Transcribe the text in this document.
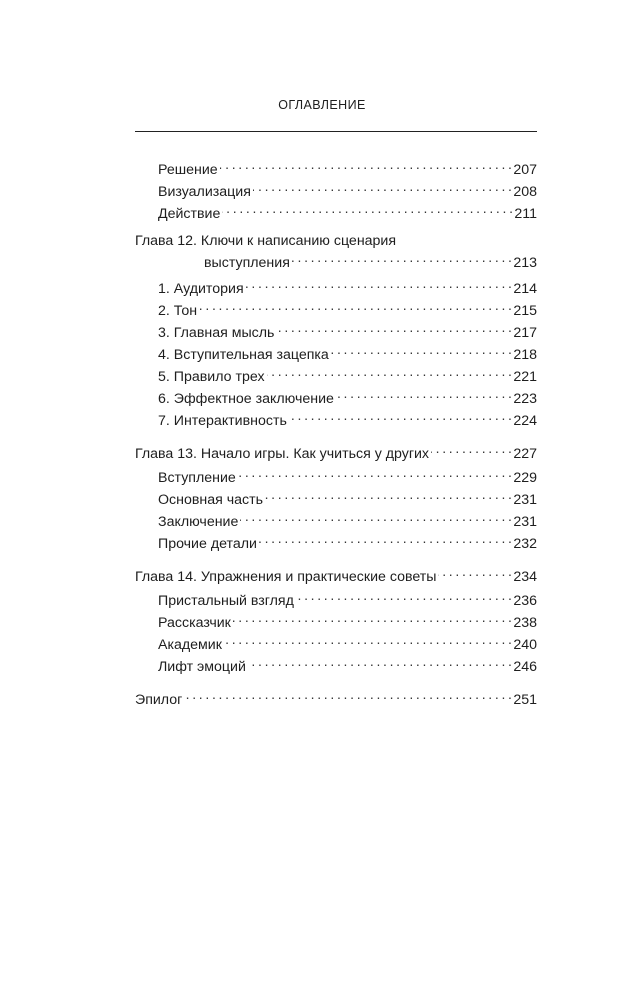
ОГЛАВЛЕНИЕ
Решение . . .	207
Визуализация . . .	208
Действие . . .	211
Глава 12. Ключи к написанию сценария
выступления . . .	213
1. Аудитория . . .	214
2. Тон . . .	215
3. Главная мысль . . .	217
4. Вступительная зацепка . . .	218
5. Правило трех . . .	221
6. Эффектное заключение . . .	223
7. Интерактивность . . .	224
Глава 13. Начало игры. Как учиться у других . . .	227
Вступление . . .	229
Основная часть . . .	231
Заключение . . .	231
Прочие детали . . .	232
Глава 14. Упражнения и практические советы . . .	234
Пристальный взгляд . . .	236
Рассказчик . . .	238
Академик . . .	240
Лифт эмоций . . .	246
Эпилог . . .	251
